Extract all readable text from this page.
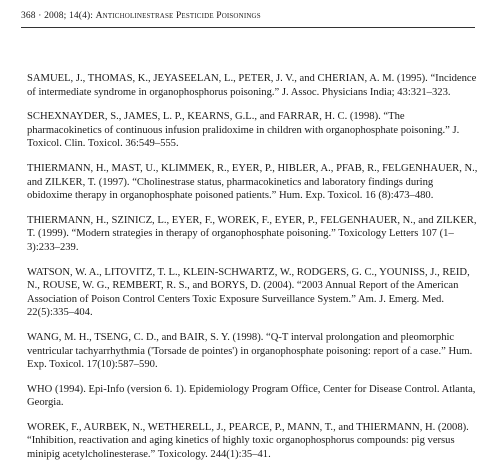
368 · 2008; 14(4): Anticholinestrase Pesticide Poisonings
SAMUEL, J., THOMAS, K., JEYASEELAN, L., PETER, J. V., and CHERIAN, A. M. (1995). “Incidence of intermediate syndrome in organophosphorus poisoning.” J. Assoc. Physicians India; 43:321–323.
SCHEXNAYDER, S., JAMES, L. P., KEARNS, G.L., and FARRAR, H. C. (1998). “The pharmacokinetics of continuous infusion pralidoxime in children with organophosphate poisoning.” J. Toxicol. Clin. Toxicol. 36:549–555.
THIERMANN, H., MAST, U., KLIMMEK, R., EYER, P., HIBLER, A., PFAB, R., FELGENHAUER, N., and ZILKER, T. (1997). “Cholinestrase status, pharmacokinetics and laboratory findings during obidoxime therapy in organophosphate poisoned patients.” Hum. Exp. Toxicol. 16 (8):473–480.
THIERMANN, H., SZINICZ, L., EYER, F., WOREK, F., EYER, P., FELGENHAUER, N., and ZILKER, T. (1999). “Modern strategies in therapy of organophosphate poisoning.” Toxicology Letters 107 (1–3):233–239.
WATSON, W. A., LITOVITZ, T. L., KLEIN-SCHWARTZ, W., RODGERS, G. C., YOUNISS, J., REID, N., ROUSE, W. G., REMBERT, R. S., and BORYS, D. (2004). “2003 Annual Report of the American Association of Poison Control Centers Toxic Exposure Surveillance System.” Am. J. Emerg. Med. 22(5):335–404.
WANG, M. H., TSENG, C. D., and BAIR, S. Y. (1998). “Q-T interval prolongation and pleomorphic ventricular tachyarrhythmia ('Torsade de pointes') in organophosphate poisoning: report of a case.” Hum. Exp. Toxicol. 17(10):587–590.
WHO (1994). Epi-Info (version 6. 1). Epidemiology Program Office, Center for Disease Control. Atlanta, Georgia.
WOREK, F., AURBEK, N., WETHERELL, J., PEARCE, P., MANN, T., and THIERMANN, H. (2008). “Inhibition, reactivation and aging kinetics of highly toxic organophosphorus compounds: pig versus minipig acetylcholinesterase.” Toxicology. 244(1):35–41.
